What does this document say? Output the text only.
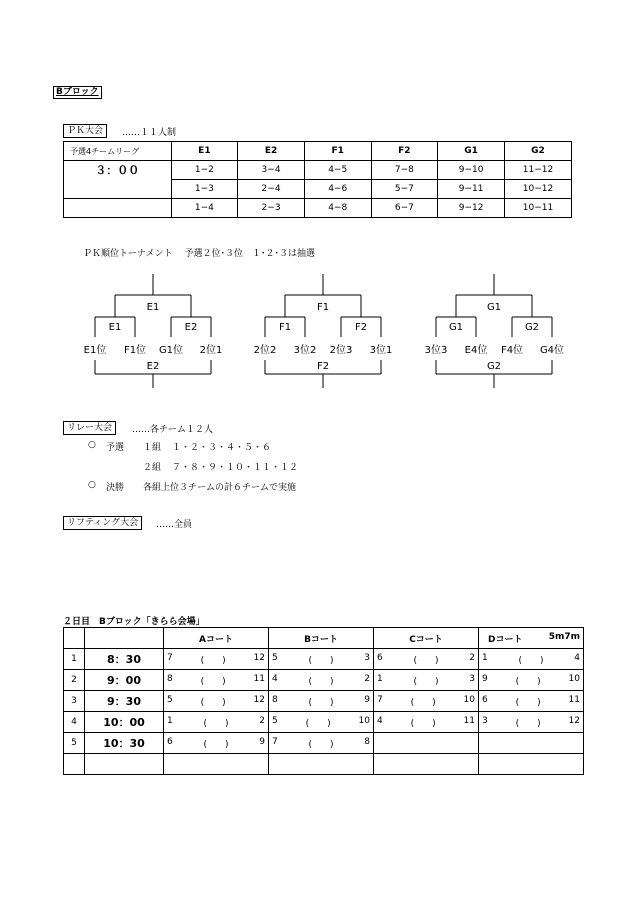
Bブロック
ＰＫ大会	……１１人制
予選4チームリーグ	E1	E2	F1	F2	G1	G2
３：００	1−2	3−4	4−5	7−8	9−10	11−12
	1−3	2−4	4−6	5−7	9−11	10−12
	1−4	2−3	4−8	6−7	9−12	10−11
ＰＫ順位トーナメント　 予選２位･３位　１･２･３は抽選
E1
E1	E2
E1位 F1位 G1位 2位1
E2
F1
F1	F2
2位2 3位2 2位3 3位1
F2
G1
G1	G2
3位3 E4位 F4位 G4位
G2
リレー大会	……各チーム１２人
○ 予選 １組 １・２・３・４・５・６
２組 ７・８・９・１０・１１・１２
○ 決勝 各組上位３チームの計６チームで実施
リフティング大会	……全員
２日目　Bブロック「きらら会場」
		Aコート	Bコート	Cコート	Dコート 5m7m

1	8：30	7 (　　) 12	5 (　　) 3	6 (　　) 2	1 (　　) 4

2	9：00	8 (　　) 11	4 (　　) 2	1 (　　) 3	9 (　　) 10

3	9：30	5 (　　) 12	8 (　　) 9	7 (　　) 10	6 (　　) 11

4	10：00	1 (　　) 2	5 (　　) 10	4 (　　) 11	3 (　　) 12

5	10：30	6 (　　) 9	7 (　　) 8		
